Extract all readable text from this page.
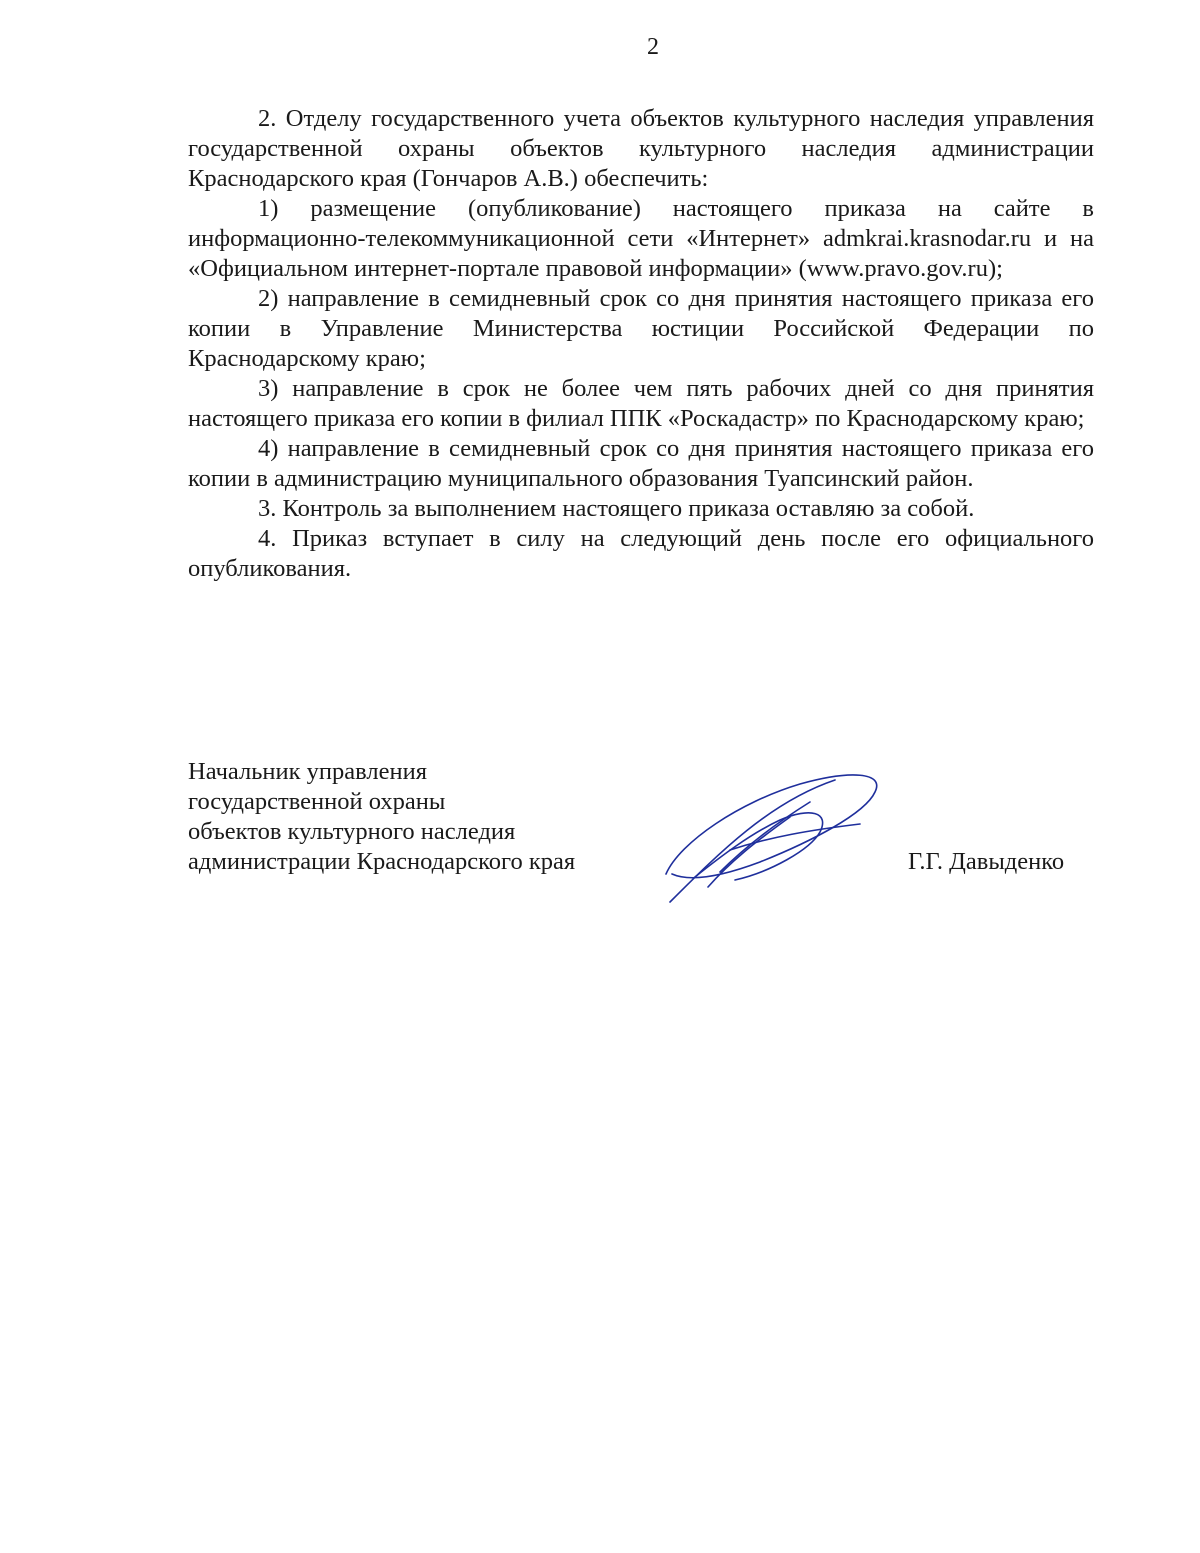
2

2. Отделу государственного учета объектов культурного наследия управления государственной охраны объектов культурного наследия администрации Краснодарского края (Гончаров А.В.) обеспечить:

1) размещение (опубликование) настоящего приказа на сайте в информационно-телекоммуникационной сети «Интернет» admkrai.krasnodar.ru и на «Официальном интернет-портале правовой информации» (www.pravo.gov.ru);

2) направление в семидневный срок со дня принятия настоящего приказа его копии в Управление Министерства юстиции Российской Федерации по Краснодарскому краю;

3) направление в срок не более чем пять рабочих дней со дня принятия настоящего приказа его копии в филиал ППК «Роскадастр» по Краснодарскому краю;

4) направление в семидневный срок со дня принятия настоящего приказа его копии в администрацию муниципального образования Туапсинский район.

3. Контроль за выполнением настоящего приказа оставляю за собой.

4. Приказ вступает в силу на следующий день после его официального опубликования.

Начальник управления
государственной охраны
объектов культурного наследия
администрации Краснодарского края	Г.Г. Давыденко
